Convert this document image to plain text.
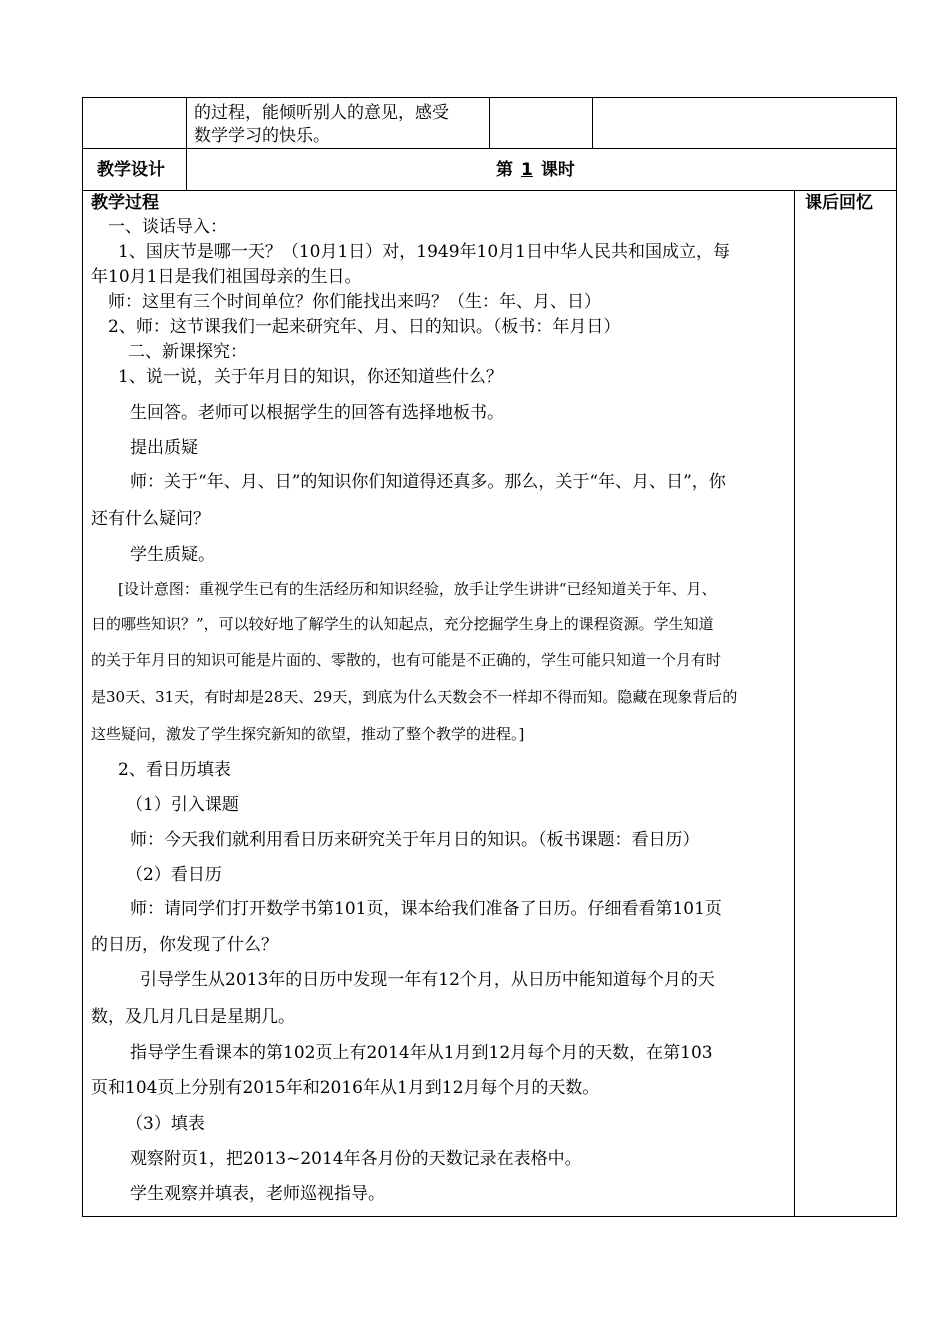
的过程，能倾听别人的意见，感受
数学学习的快乐。
教学设计	第 1 课时
教学过程	课后回忆
一、谈话导入：
1、国庆节是哪一天？（10月1日）对，1949年10月1日中华人民共和国成立，每
年10月1日是我们祖国母亲的生日。
师：这里有三个时间单位？你们能找出来吗？（生：年、月、日）
2、师：这节课我们一起来研究年、月、日的知识。（板书：年月日）
二、新课探究：
1、说一说，关于年月日的知识，你还知道些什么？
生回答。老师可以根据学生的回答有选择地板书。
提出质疑
师：关于“年、月、日”的知识你们知道得还真多。那么，关于“年、月、日”，你
还有什么疑问？
学生质疑。
[设计意图：重视学生已有的生活经历和知识经验，放手让学生讲讲“已经知道关于年、月、
日的哪些知识？”，可以较好地了解学生的认知起点，充分挖掘学生身上的课程资源。学生知道
的关于年月日的知识可能是片面的、零散的，也有可能是不正确的，学生可能只知道一个月有时
是30天、31天，有时却是28天、29天，到底为什么天数会不一样却不得而知。隐藏在现象背后的
这些疑问，激发了学生探究新知的欲望，推动了整个教学的进程。]
2、看日历填表
（1）引入课题
师：今天我们就利用看日历来研究关于年月日的知识。（板书课题：看日历）
（2）看日历
师：请同学们打开数学书第101页，课本给我们准备了日历。仔细看看第101页
的日历，你发现了什么？
引导学生从2013年的日历中发现一年有12个月，从日历中能知道每个月的天
数，及几月几日是星期几。
指导学生看课本的第102页上有2014年从1月到12月每个月的天数，在第103
页和104页上分别有2015年和2016年从1月到12月每个月的天数。
（3）填表
观察附页1，把2013~2014年各月份的天数记录在表格中。
学生观察并填表，老师巡视指导。
